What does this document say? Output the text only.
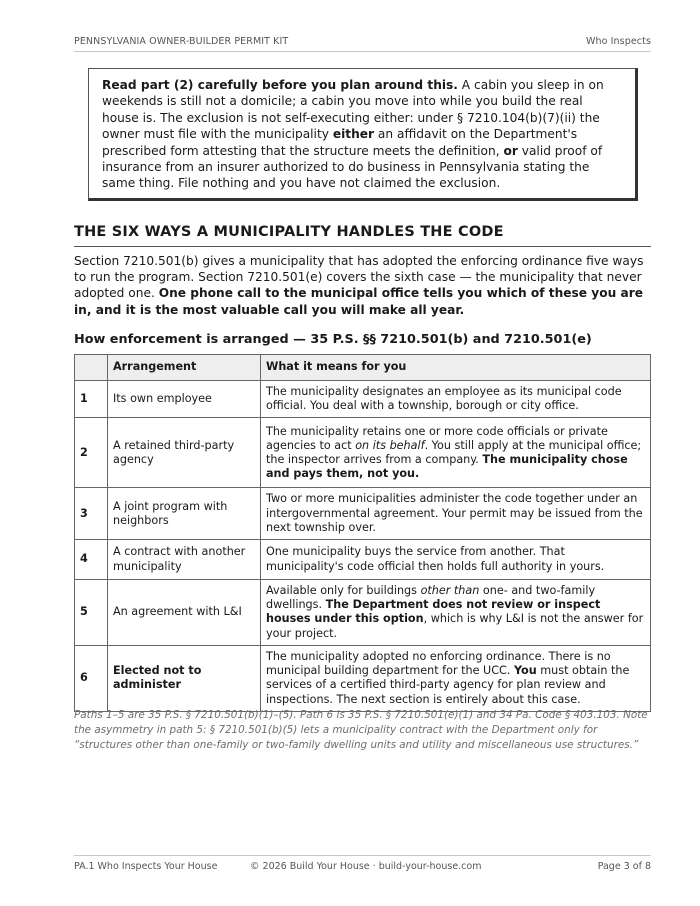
PENNSYLVANIA OWNER-BUILDER PERMIT KIT	Who Inspects
Read part (2) carefully before you plan around this. A cabin you sleep in on weekends is still not a domicile; a cabin you move into while you build the real house is. The exclusion is not self-executing either: under § 7210.104(b)(7)(ii) the owner must file with the municipality either an affidavit on the Department's prescribed form attesting that the structure meets the definition, or valid proof of insurance from an insurer authorized to do business in Pennsylvania stating the same thing. File nothing and you have not claimed the exclusion.
THE SIX WAYS A MUNICIPALITY HANDLES THE CODE

Section 7210.501(b) gives a municipality that has adopted the enforcing ordinance five ways to run the program. Section 7210.501(e) covers the sixth case — the municipality that never adopted one. One phone call to the municipal office tells you which of these you are in, and it is the most valuable call you will make all year.

How enforcement is arranged — 35 P.S. §§ 7210.501(b) and 7210.501(e)
	Arrangement	What it means for you
1	Its own employee	The municipality designates an employee as its municipal code official. You deal with a township, borough or city office.
2	A retained third-party agency	The municipality retains one or more code officials or private agencies to act on its behalf. You still apply at the municipal office; the inspector arrives from a company. The municipality chose and pays them, not you.
3	A joint program with neighbors	Two or more municipalities administer the code together under an intergovernmental agreement. Your permit may be issued from the next township over.
4	A contract with another municipality	One municipality buys the service from another. That municipality's code official then holds full authority in yours.
5	An agreement with L&I	Available only for buildings other than one- and two-family dwellings. The Department does not review or inspect houses under this option, which is why L&I is not the answer for your project.
6	Elected not to administer	The municipality adopted no enforcing ordinance. There is no municipal building department for the UCC. You must obtain the services of a certified third-party agency for plan review and inspections. The next section is entirely about this case.

Paths 1–5 are 35 P.S. § 7210.501(b)(1)–(5). Path 6 is 35 P.S. § 7210.501(e)(1) and 34 Pa. Code § 403.103. Note the asymmetry in path 5: § 7210.501(b)(5) lets a municipality contract with the Department only for “structures other than one-family or two-family dwelling units and utility and miscellaneous use structures.”

PA.1 Who Inspects Your House	© 2026 Build Your House · build-your-house.com	Page 3 of 8
